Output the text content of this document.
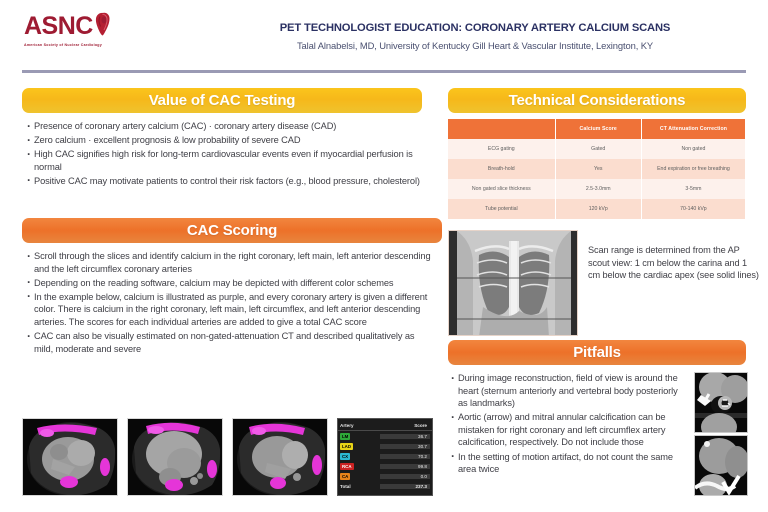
ASNC
American Society of Nuclear Cardiology
PET TECHNOLOGIST EDUCATION: CORONARY ARTERY CALCIUM SCANS
Talal Alnabelsi, MD, University of Kentucky Gill Heart & Vascular Institute, Lexington, KY
Value of CAC Testing
· Presence of coronary artery calcium (CAC) · coronary artery disease (CAD)
· Zero calcium · excellent prognosis & low probability of severe CAD
· High CAC signifies high risk for long-term cardiovascular events even if myocardial perfusion is normal
· Positive CAC may motivate patients to control their risk factors (e.g., blood pressure, cholesterol)
CAC Scoring
· Scroll through the slices and identify calcium in the right coronary, left main, left anterior descending and the left circumflex coronary arteries
· Depending on the reading software, calcium may be depicted with different color schemes
· In the example below, calcium is illustrated as purple, and every coronary artery is given a different color. There is calcium in the right coronary, left main, left circumflex, and left anterior descending arteries. The scores for each individual arteries are added to give a total CAC score
· CAC can also be visually estimated on non-gated-attenuation CT and described qualitatively as mild, moderate and severe
Artery	Score
LM	36.7
LAD	30.7
CX	70.2
RCA	99.8
CA	0.0
Total	237.3
Technical Considerations
	Calcium Score	CT Attenuation Correction
ECG gating	Gated	Non gated
Breath-hold	Yes	End expiration or free breathing
Non gated slice thickness	2.5-3.0mm	3-5mm
Tube potential	120 kVp	70-140 kVp
Scan range is determined from the AP scout view: 1 cm below the carina and 1 cm below the cardiac apex (see solid lines)
Pitfalls
· During image reconstruction, field of view is around the heart (sternum anteriorly and vertebral body posteriorly as landmarks)
· Aortic (arrow) and mitral annular calcification can be mistaken for right coronary and left circumflex artery calcification, respectively. Do not include those
· In the setting of motion artifact, do not count the same area twice
